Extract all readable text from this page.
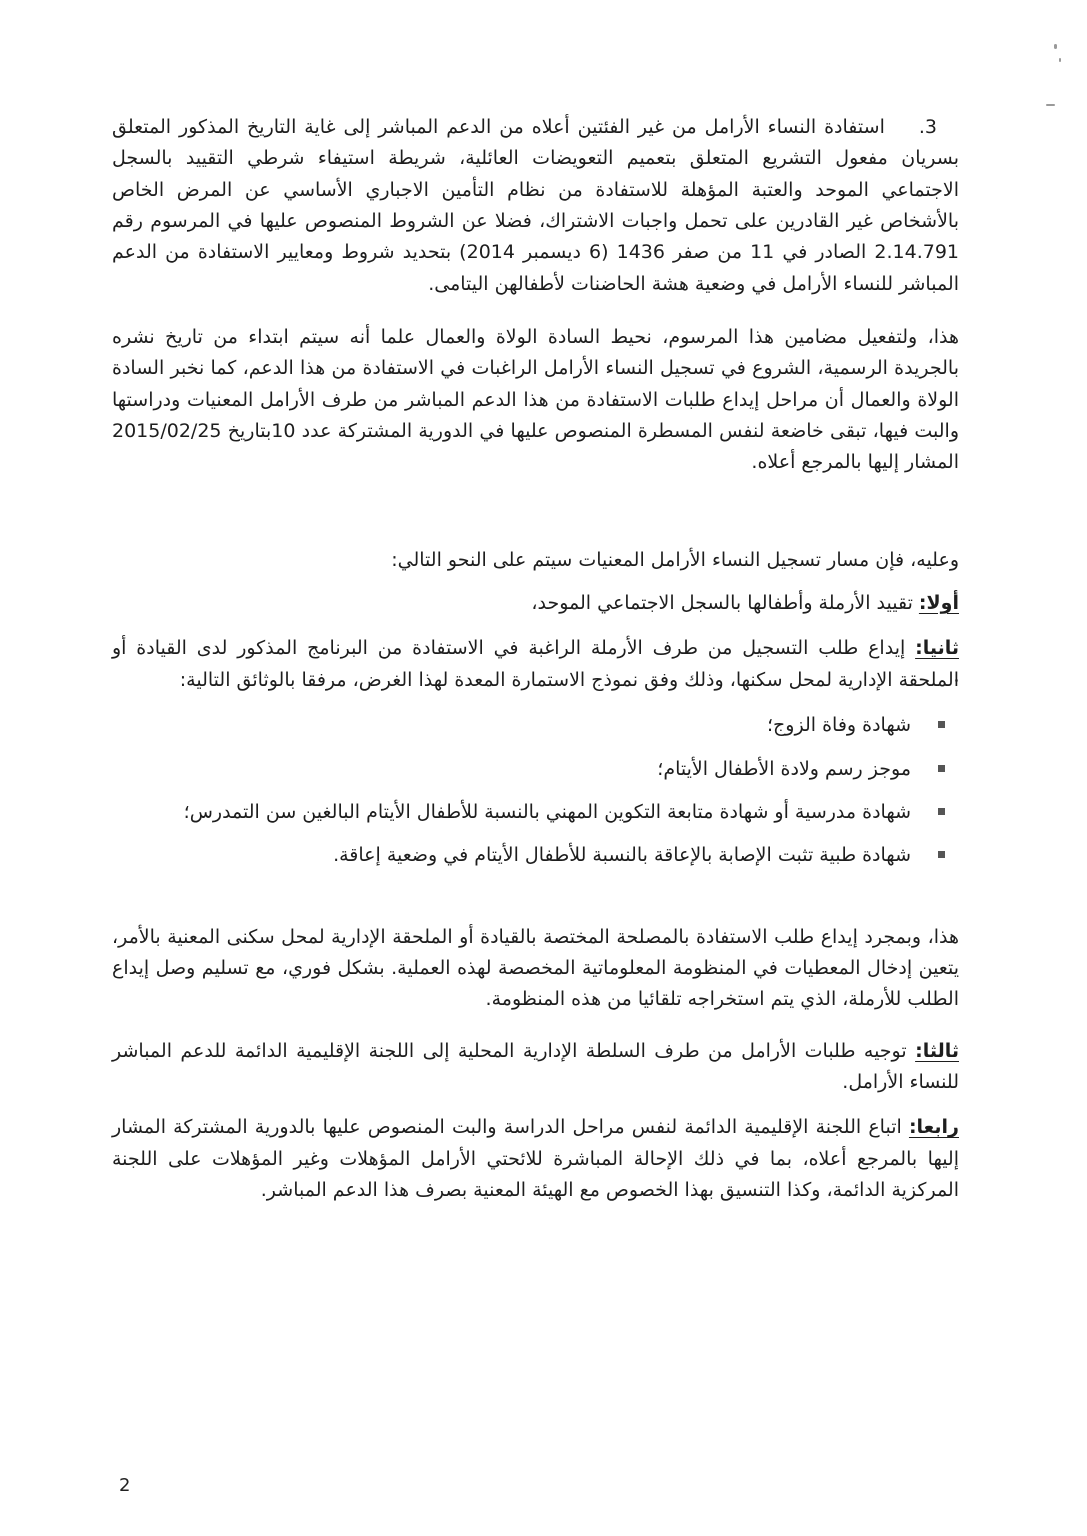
3.استفادة النساء الأرامل من غير الفئتين أعلاه من الدعم المباشر إلى غاية التاريخ المذكور المتعلق بسريان مفعول التشريع المتعلق بتعميم التعويضات العائلية، شريطة استيفاء شرطي التقييد بالسجل الاجتماعي الموحد والعتبة المؤهلة للاستفادة من نظام التأمين الاجباري الأساسي عن المرض الخاص بالأشخاص غير القادرين على تحمل واجبات الاشتراك، فضلا عن الشروط المنصوص عليها في المرسوم رقم 2.14.791 الصادر في 11 من صفر 1436 (6 ديسمبر 2014) بتحديد شروط ومعايير الاستفادة من الدعم المباشر للنساء الأرامل في وضعية هشة الحاضنات لأطفالهن اليتامى.

هذا، ولتفعيل مضامين هذا المرسوم، نحيط السادة الولاة والعمال علما أنه سيتم ابتداء من تاريخ نشره بالجريدة الرسمية، الشروع في تسجيل النساء الأرامل الراغبات في الاستفادة من هذا الدعم، كما نخبر السادة الولاة والعمال أن مراحل إيداع طلبات الاستفادة من هذا الدعم المباشر من طرف الأرامل المعنيات ودراستها والبت فيها، تبقى خاضعة لنفس المسطرة المنصوص عليها في الدورية المشتركة عدد 10بتاريخ 2015/02/25 المشار إليها بالمرجع أعلاه.

وعليه، فإن مسار تسجيل النساء الأرامل المعنيات سيتم على النحو التالي:

أولا: تقييد الأرملة وأطفالها بالسجل الاجتماعي الموحد،

ثانيا: إيداع طلب التسجيل من طرف الأرملة الراغبة في الاستفادة من البرنامج المذكور لدى القيادة أو الملحقة الإدارية لمحل سكنها، وذلك وفق نموذج الاستمارة المعدة لهذا الغرض، مرفقا بالوثائق التالية:

شهادة وفاة الزوج؛
موجز رسم ولادة الأطفال الأيتام؛
شهادة مدرسية أو شهادة متابعة التكوين المهني بالنسبة للأطفال الأيتام البالغين سن التمدرس؛
شهادة طبية تثبت الإصابة بالإعاقة بالنسبة للأطفال الأيتام في وضعية إعاقة.

هذا، وبمجرد إيداع طلب الاستفادة بالمصلحة المختصة بالقيادة أو الملحقة الإدارية لمحل سكنى المعنية بالأمر، يتعين إدخال المعطيات في المنظومة المعلوماتية المخصصة لهذه العملية. بشكل فوري، مع تسليم وصل إيداع الطلب للأرملة، الذي يتم استخراجه تلقائيا من هذه المنظومة.

ثالثا: توجيه طلبات الأرامل من طرف السلطة الإدارية المحلية إلى اللجنة الإقليمية الدائمة للدعم المباشر للنساء الأرامل.

رابعا: اتباع اللجنة الإقليمية الدائمة لنفس مراحل الدراسة والبت المنصوص عليها بالدورية المشتركة المشار إليها بالمرجع أعلاه، بما في ذلك الإحالة المباشرة للائحتي الأرامل المؤهلات وغير المؤهلات على اللجنة المركزية الدائمة، وكذا التنسيق بهذا الخصوص مع الهيئة المعنية بصرف هذا الدعم المباشر.

2
